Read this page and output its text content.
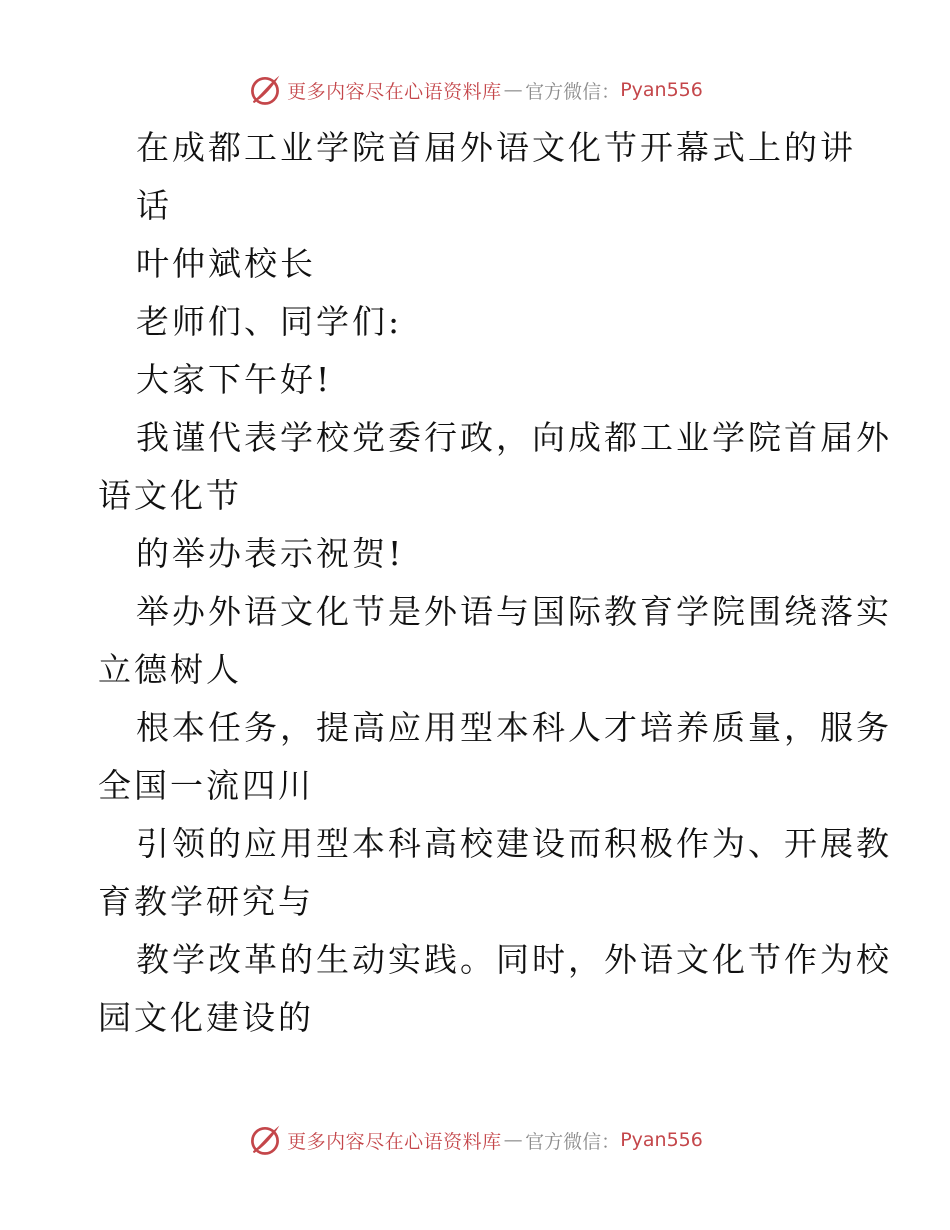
更多内容尽在心语资料库 — 官方微信： Pyan556
在成都工业学院首届外语文化节开幕式上的讲
话
叶仲斌校长
老师们、同学们:
大家下午好!
我谨代表学校党委行政，向成都工业学院首届外
语文化节
的举办表示祝贺!
举办外语文化节是外语与国际教育学院围绕落实
立德树人
根本任务，提高应用型本科人才培养质量，服务
全国一流四川
引领的应用型本科高校建设而积极作为、开展教
育教学研究与
教学改革的生动实践。同时，外语文化节作为校
园文化建设的
更多内容尽在心语资料库 — 官方微信： Pyan556
